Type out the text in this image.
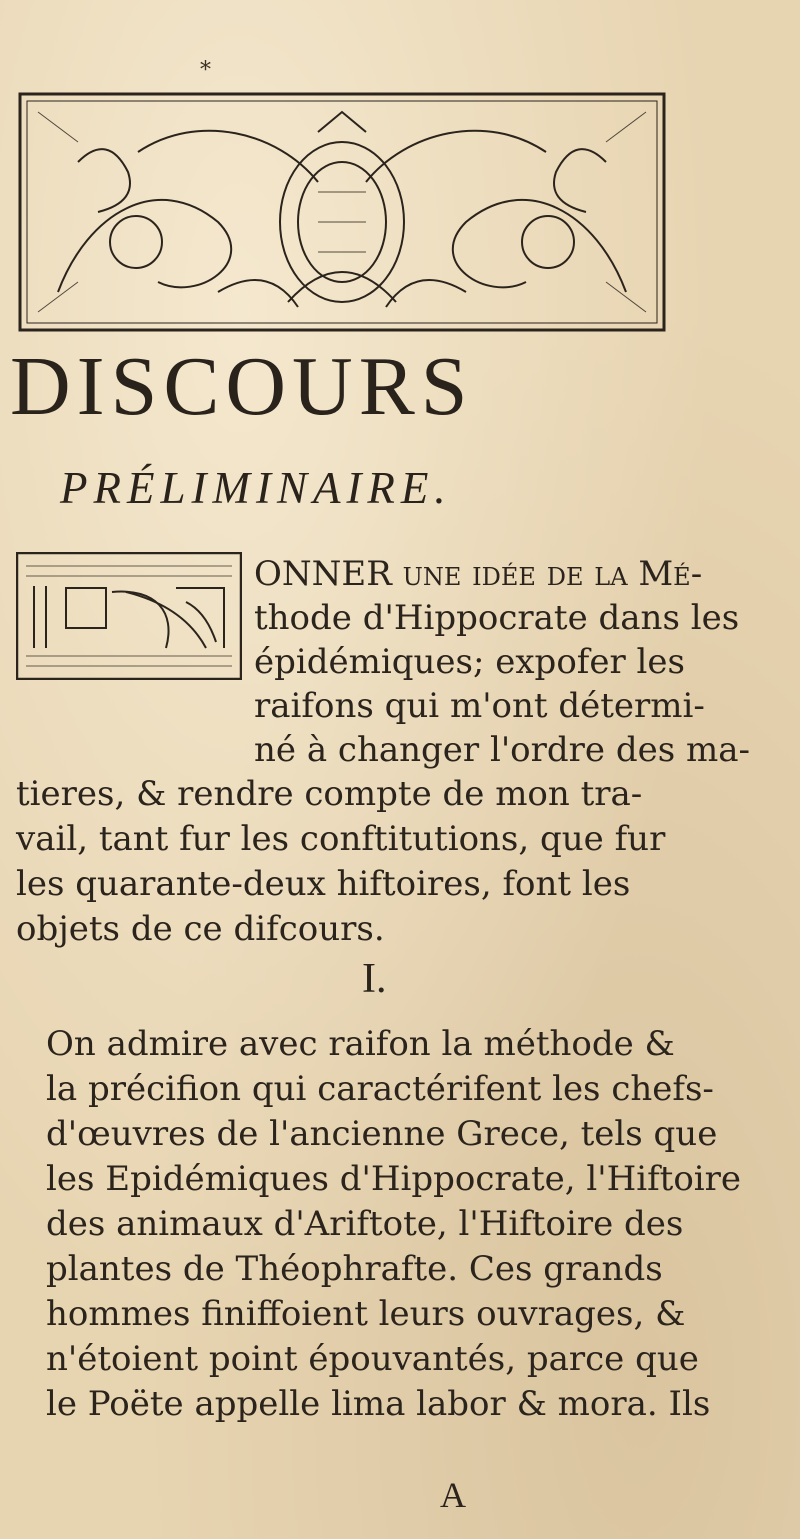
*
DISCOURS
PRÉLIMINAIRE.
ONNER une idée de la Mé-
thode d'Hippocrate dans les
épidémiques; expofer les
raifons qui m'ont détermi-
né à changer l'ordre des ma-
tieres, & rendre compte de mon tra-
vail, tant fur les conftitutions, que fur
les quarante-deux hiftoires, font les
objets de ce difcours.
I.
On admire avec raifon la méthode &
la précifion qui caractérifent les chefs-
d'œuvres de l'ancienne Grece, tels que
les Epidémiques d'Hippocrate, l'Hiftoire
des animaux d'Ariftote, l'Hiftoire des
plantes de Théophrafte. Ces grands
hommes finiffoient leurs ouvrages, &
n'étoient point épouvantés, parce que
le Poëte appelle lima labor & mora. Ils
A
